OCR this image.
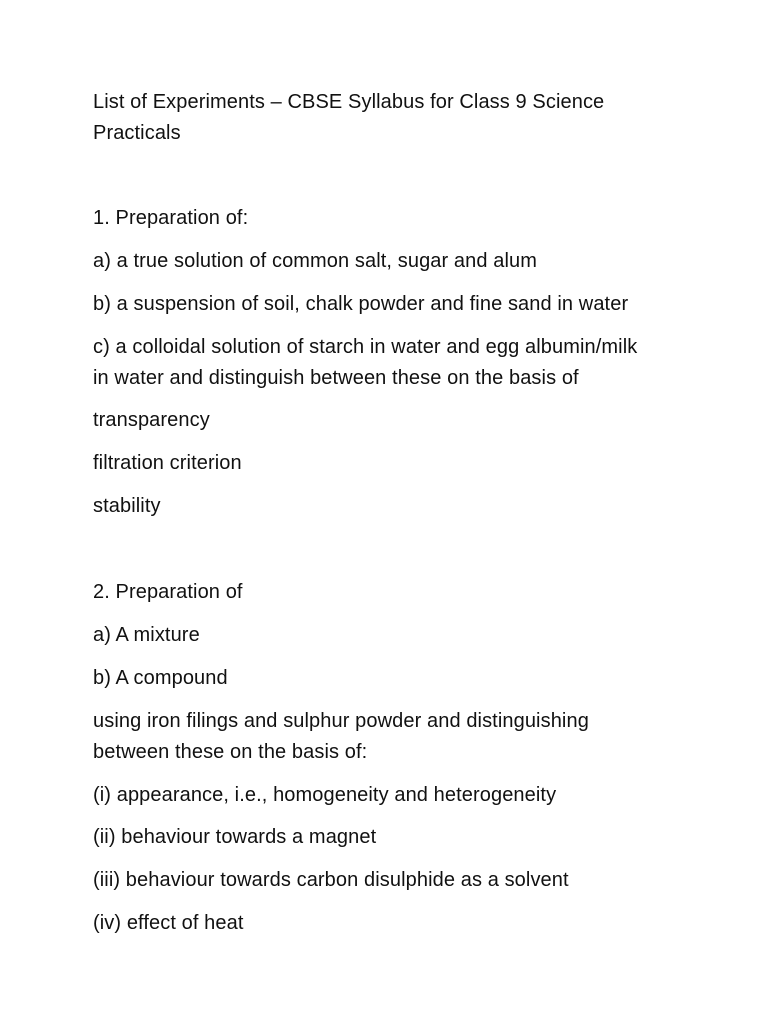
List of Experiments – CBSE Syllabus for Class 9 Science
Practicals
1. Preparation of:
a) a true solution of common salt, sugar and alum
b) a suspension of soil, chalk powder and fine sand in water
c) a colloidal solution of starch in water and egg albumin/milk
in water and distinguish between these on the basis of
transparency
filtration criterion
stability
2. Preparation of
a) A mixture
b) A compound
using iron filings and sulphur powder and distinguishing
between these on the basis of:
(i) appearance, i.e., homogeneity and heterogeneity
(ii) behaviour towards a magnet
(iii) behaviour towards carbon disulphide as a solvent
(iv) effect of heat
